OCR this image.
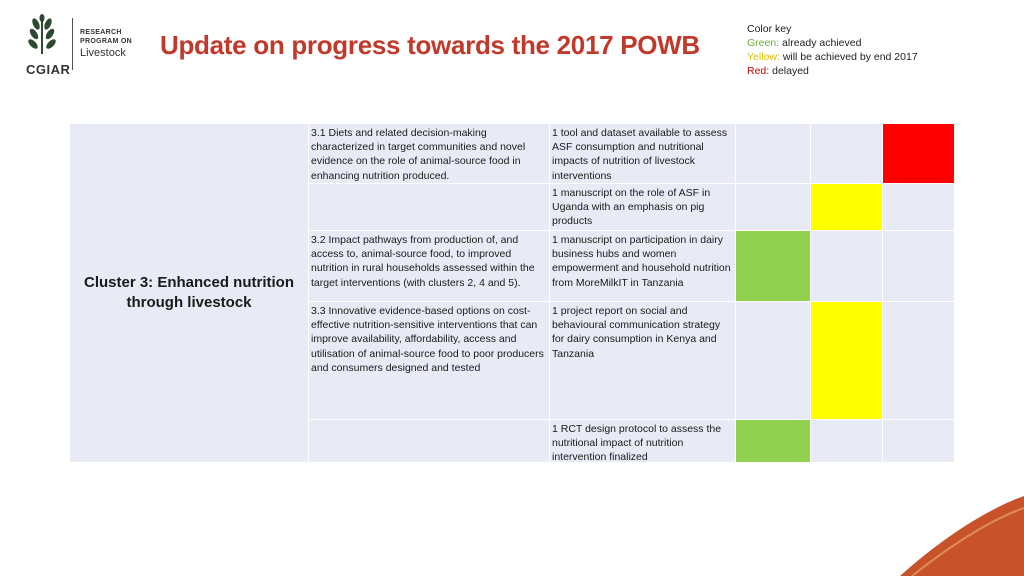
CGIAR
RESEARCH
PROGRAM ON
Livestock Update on progress towards the 2017 POWB
Color key
Green: already achieved
Yellow: will be achieved by end 2017
Red: delayed
Cluster 3: Enhanced nutrition through livestock
3.1 Diets and related decision-making characterized in target communities and novel evidence on the role of animal-source food in enhancing nutrition produced.
3.2 Impact pathways from production of, and access to, animal-source food, to improved nutrition in rural households assessed within the target interventions (with clusters 2, 4 and 5).
3.3 Innovative evidence-based options on cost-effective nutrition-sensitive interventions that can improve availability, affordability, access and utilisation of animal-source food to poor producers and consumers designed and tested
1 tool and dataset available to assess ASF consumption and nutritional impacts of nutrition of livestock interventions
1 manuscript on the role of ASF in Uganda with an emphasis on pig products
1 manuscript on participation in dairy business hubs and women empowerment and household nutrition from MoreMilkIT in Tanzania
1 project report on social and behavioural communication strategy for dairy consumption in Kenya and Tanzania
1 RCT design protocol to assess the nutritional impact of nutrition intervention finalized
